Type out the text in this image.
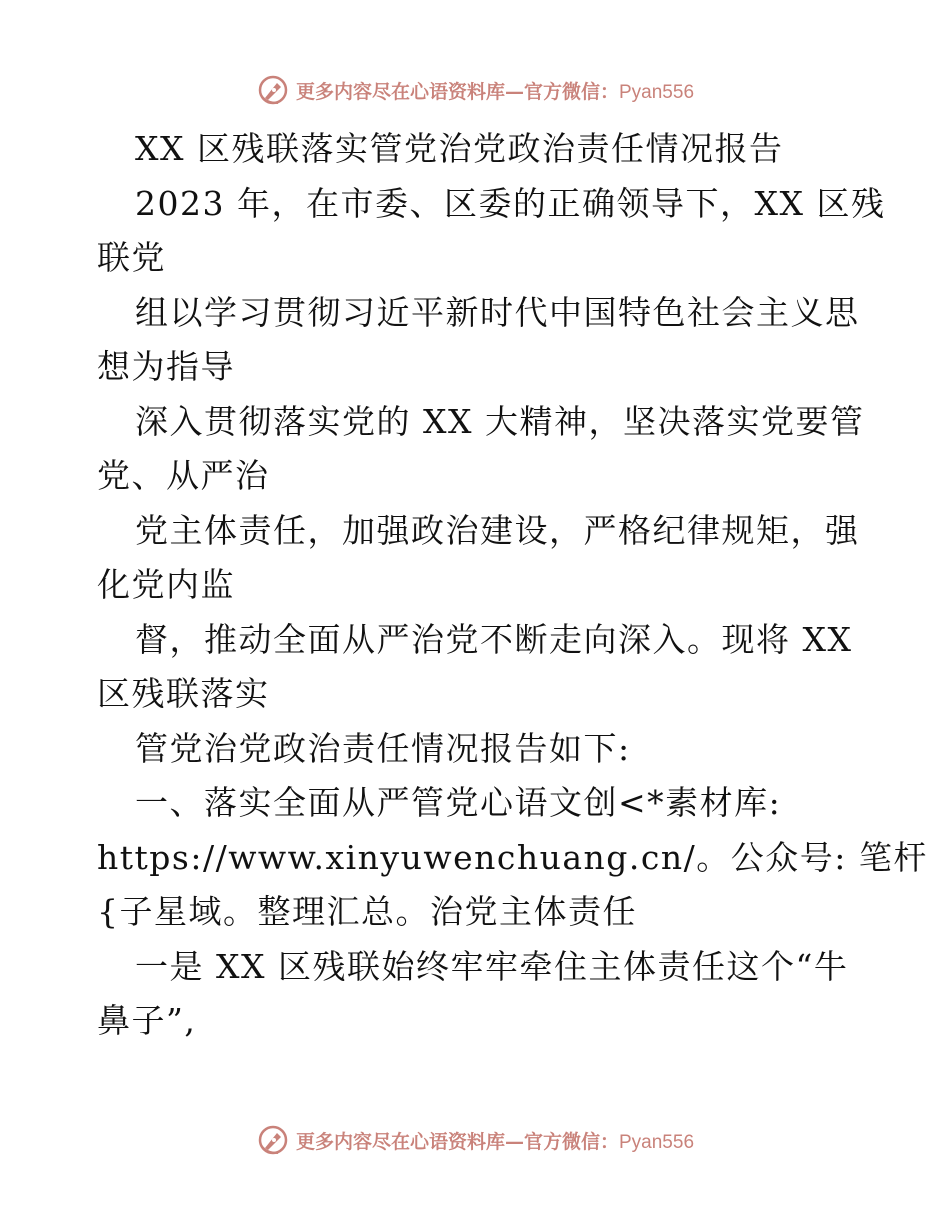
更多内容尽在心语资料库—官方微信：Pyan556
XX 区残联落实管党治党政治责任情况报告
2023 年，在市委、区委的正确领导下，XX 区残
联党
组以学习贯彻习近平新时代中国特色社会主义思
想为指导
深入贯彻落实党的 XX 大精神，坚决落实党要管
党、从严治
党主体责任，加强政治建设，严格纪律规矩，强
化党内监
督，推动全面从严治党不断走向深入。现将 XX
区残联落实
管党治党政治责任情况报告如下:
一、落实全面从严管党心语文创<*素材库:
https://www.xinyuwenchuang.cn/。公众号: 笔杆
{子星域。整理汇总。治党主体责任
一是 XX 区残联始终牢牢牵住主体责任这个“牛
鼻子”,
更多内容尽在心语资料库—官方微信：Pyan556
